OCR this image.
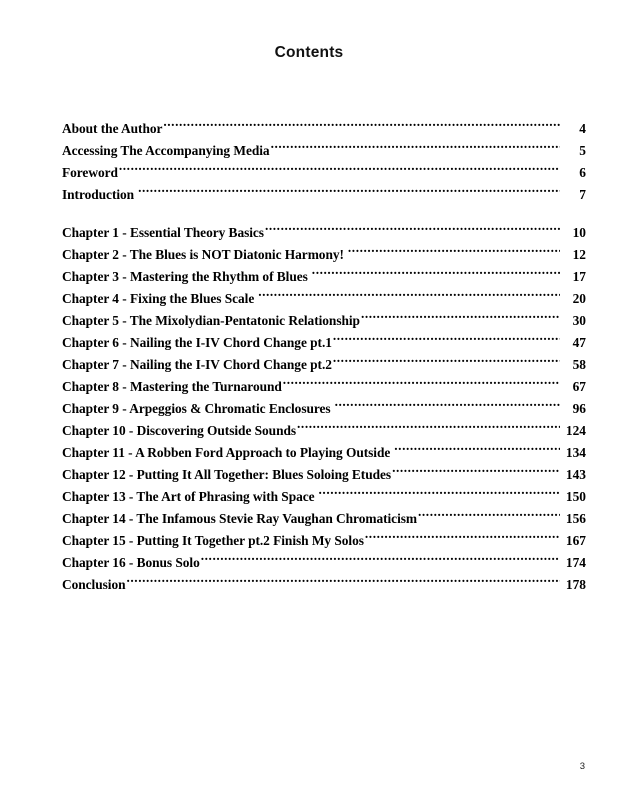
Contents
About the Author .....	4
Accessing The Accompanying Media .....	5
Foreword .....	6
Introduction .....	7
Chapter 1 - Essential Theory Basics .....	10
Chapter 2 - The Blues is NOT Diatonic Harmony! .....	12
Chapter 3 - Mastering the Rhythm of Blues .....	17
Chapter 4 - Fixing the Blues Scale .....	20
Chapter 5 - The Mixolydian-Pentatonic Relationship .....	30
Chapter 6 - Nailing the I-IV Chord Change pt.1 .....	47
Chapter 7 - Nailing the I-IV Chord Change pt.2 .....	58
Chapter 8 - Mastering the Turnaround .....	67
Chapter 9 - Arpeggios & Chromatic Enclosures .....	96
Chapter 10 - Discovering Outside Sounds .....	124
Chapter 11 - A Robben Ford Approach to Playing Outside .....	134
Chapter 12 - Putting It All Together: Blues Soloing Etudes .....	143
Chapter 13 - The Art of Phrasing with Space .....	150
Chapter 14 - The Infamous Stevie Ray Vaughan Chromaticism .....	156
Chapter 15 - Putting It Together pt.2 Finish My Solos .....	167
Chapter 16 - Bonus Solo .....	174
Conclusion .....	178
3
